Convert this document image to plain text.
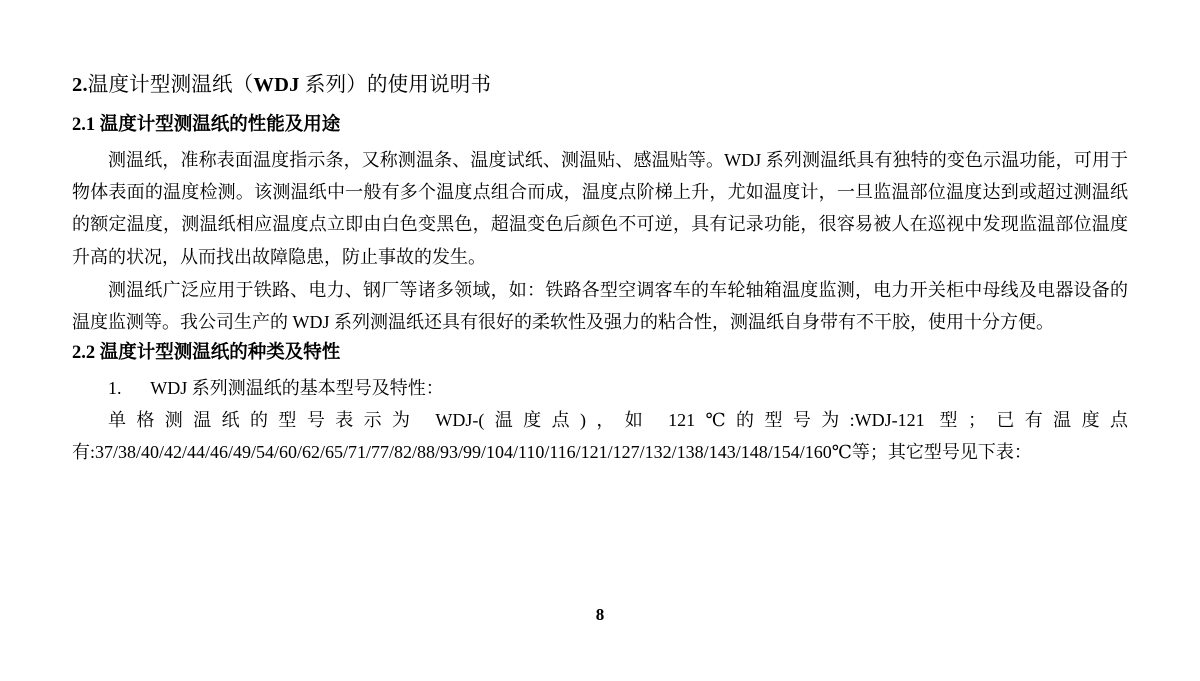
2.温度计型测温纸（WDJ 系列）的使用说明书
2.1 温度计型测温纸的性能及用途

测温纸，准称表面温度指示条，又称测温条、温度试纸、测温贴、感温贴等。WDJ 系列测温纸具有独特的变色示温功能，可用于物体表面的温度检测。该测温纸中一般有多个温度点组合而成，温度点阶梯上升，尤如温度计，一旦监温部位温度达到或超过测温纸的额定温度，测温纸相应温度点立即由白色变黑色，超温变色后颜色不可逆，具有记录功能，很容易被人在巡视中发现监温部位温度升高的状况，从而找出故障隐患，防止事故的发生。

测温纸广泛应用于铁路、电力、钢厂等诸多领域，如：铁路各型空调客车的车轮轴箱温度监测，电力开关柜中母线及电器设备的温度监测等。我公司生产的 WDJ 系列测温纸还具有很好的柔软性及强力的粘合性，测温纸自身带有不干胶，使用十分方便。

2.2 温度计型测温纸的种类及特性

1. WDJ 系列测温纸的基本型号及特性：

单格测温纸的型号表示为 WDJ-(温度点)，如 121℃的型号为:WDJ-121 型；已有温度点有:37/38/40/42/44/46/49/54/60/62/65/71/77/82/88/93/99/104/110/116/121/127/132/138/143/148/154/160℃等；其它型号见下表：

8
